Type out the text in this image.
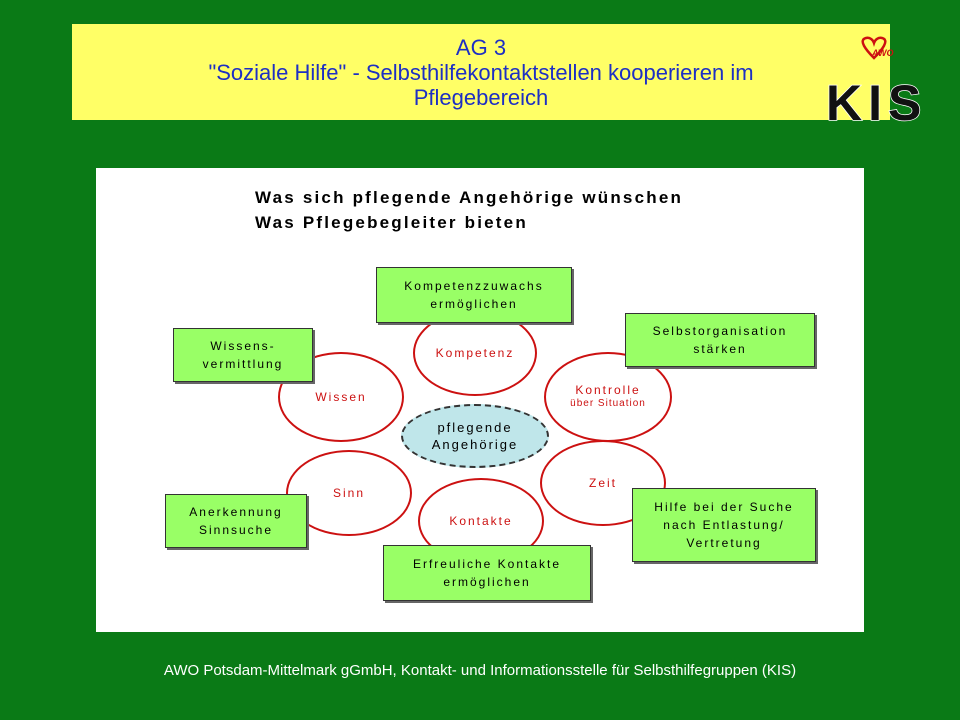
AG 3
"Soziale Hilfe" - Selbsthilfekontaktstellen kooperieren im
Pflegebereich
AWO
KIS
Was sich pflegende Angehörige wünschen
Was Pflegebegleiter bieten
Kompetenz
Wissen	Kontrolle
über Situation
Sinn
Zeit
Kontakte
pflegende
Angehörige
Kompetenzzuwachs
ermöglichen
Wissens-
vermittlung
Selbstorganisation
stärken
Anerkennung
Sinnsuche
Hilfe bei der Suche
nach Entlastung/
Vertretung
Erfreuliche Kontakte
ermöglichen
AWO Potsdam-Mittelmark gGmbH, Kontakt- und Informationsstelle für Selbsthilfegruppen (KIS)
